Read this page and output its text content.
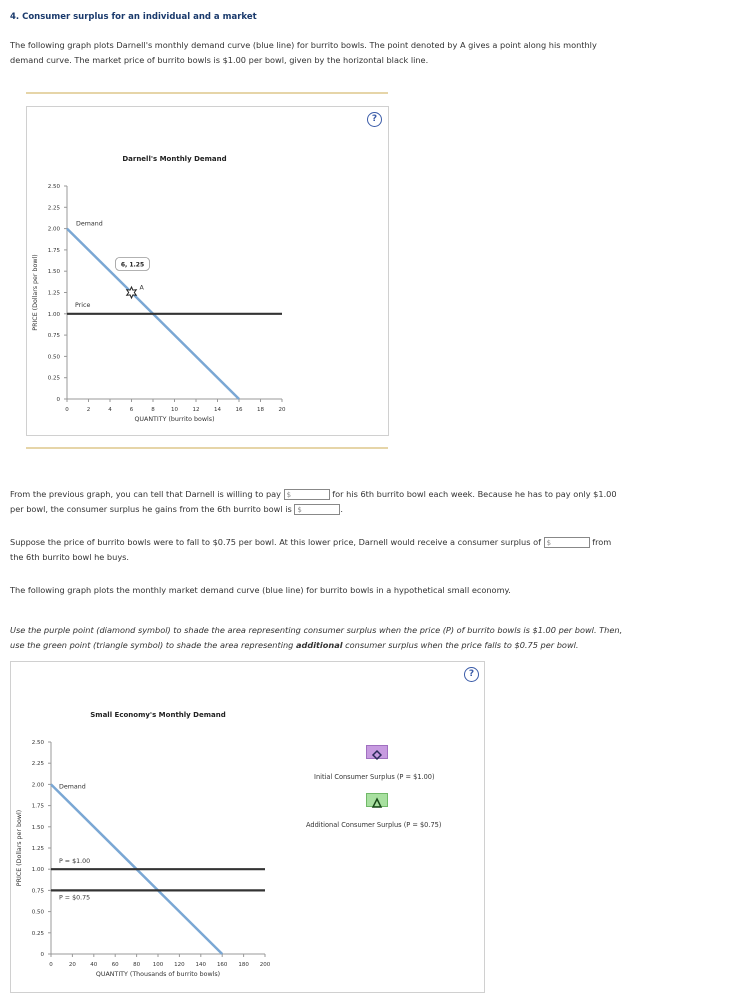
4. Consumer surplus for an individual and a market
The following graph plots Darnell's monthly demand curve (blue line) for burrito bowls. The point denoted by A gives a point along his monthly
demand curve. The market price of burrito bowls is $1.00 per bowl, given by the horizontal black line.
?
Darnell's Monthly Demand
0
0.25
0.50
0.75
1.00
1.25
1.50
1.75
2.00
2.25
2.50
0	2	4	6	8	10	12	14	16	18	20
QUANTITY (burrito bowls)
PRICE (Dollars per bowl)
Demand
Price
6, 1.25
A
From the previous graph, you can tell that Darnell is willing to pay $	for his 6th burrito bowl each week. Because he has to pay only $1.00
per bowl, the consumer surplus he gains from the 6th burrito bowl is $	.
Suppose the price of burrito bowls were to fall to $0.75 per bowl. At this lower price, Darnell would receive a consumer surplus of $	from
the 6th burrito bowl he buys.
The following graph plots the monthly market demand curve (blue line) for burrito bowls in a hypothetical small economy.
Use the purple point (diamond symbol) to shade the area representing consumer surplus when the price (P) of burrito bowls is $1.00 per bowl. Then,
use the green point (triangle symbol) to shade the area representing additional consumer surplus when the price falls to $0.75 per bowl.
?
Small Economy's Monthly Demand
0
0.25
0.50
0.75
1.00
1.25
1.50
1.75
2.00
2.25
2.50
0	20	40	60	80 100 120 140 160 180 200
QUANTITY (Thousands of burrito bowls)
PRICE (Dollars per bowl)
Demand
P = $1.00
P = $0.75
Initial Consumer Surplus (P = $1.00)
Additional Consumer Surplus (P = $0.75)
